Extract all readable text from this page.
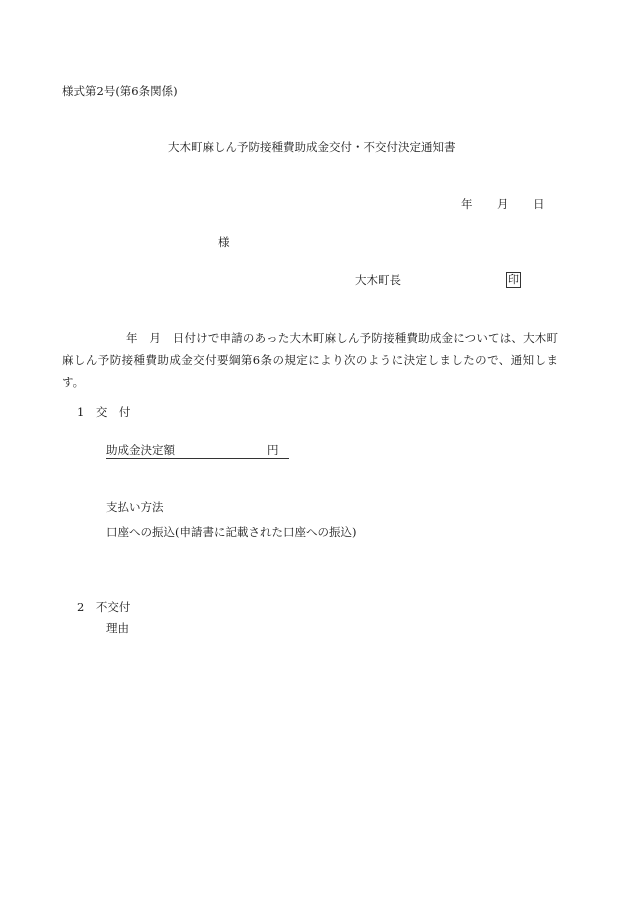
様式第2号(第6条関係)
大木町麻しん予防接種費助成金交付・不交付決定通知書
年 月 日
様
大木町長	印
年　月　日付けで申請のあった大木町麻しん予防接種費助成金については、大木町麻しん予防接種費助成金交付要綱第6条の規定により次のように決定しましたので、通知します。
1　交　付
助成金決定額	円
支払い方法
口座への振込(申請書に記載された口座への振込)
2　不交付
理由
